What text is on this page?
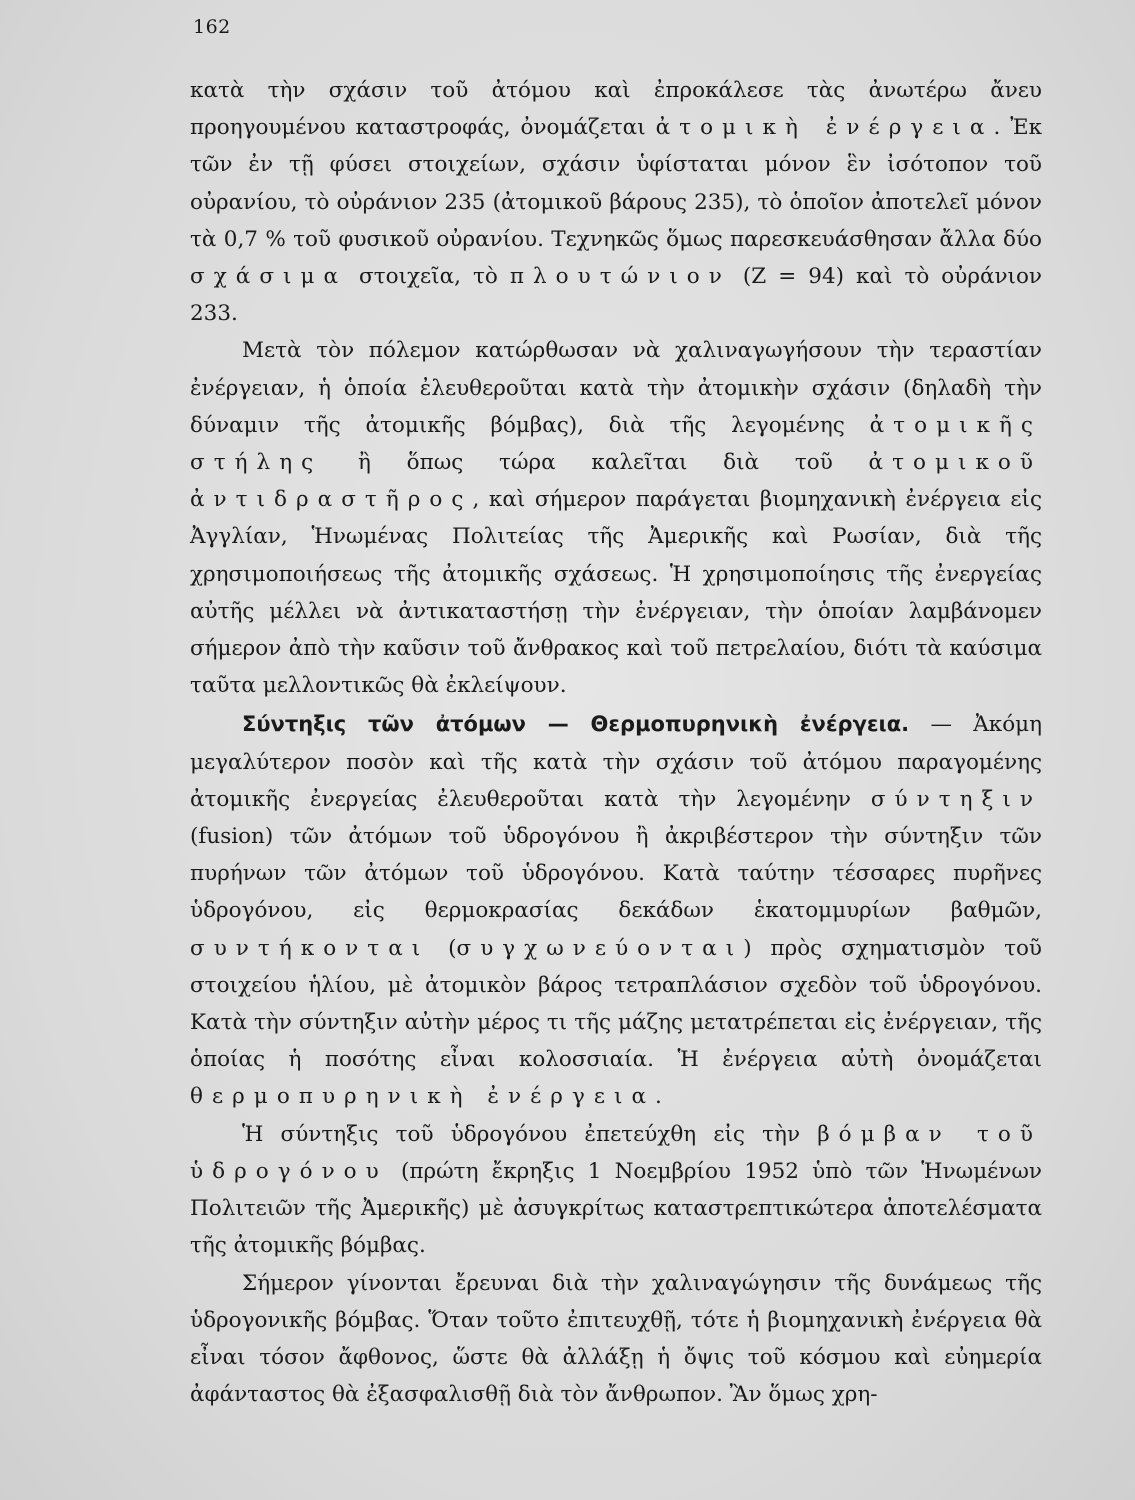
162

κατὰ τὴν σχάσιν τοῦ ἀτόμου καὶ ἐπροκάλεσε τὰς ἀνωτέρω ἄνευ προηγουμένου καταστροφάς, ὀνομάζεται ἀτομικὴ ἐνέργεια. Ἐκ τῶν ἐν τῇ φύσει στοιχείων, σχάσιν ὑφίσταται μόνον ἓν ἰσότοπον τοῦ οὐρανίου, τὸ οὐράνιον 235 (ἀτομικοῦ βάρους 235), τὸ ὁποῖον ἀποτελεῖ μόνον τὰ 0,7 % τοῦ φυσικοῦ οὐρανίου. Τεχνηκῶς ὅμως παρεσκευάσθησαν ἄλλα δύο σχάσιμα στοιχεῖα, τὸ πλουτώνιον (Ζ = 94) καὶ τὸ οὐράνιον 233.

Μετὰ τὸν πόλεμον κατώρθωσαν νὰ χαλιναγωγήσουν τὴν τεραστίαν ἐνέργειαν, ἡ ὁποία ἐλευθεροῦται κατὰ τὴν ἀτομικὴν σχάσιν (δηλαδὴ τὴν δύναμιν τῆς ἀτομικῆς βόμβας), διὰ τῆς λεγομένης ἀτομικῆς στήλης ἢ ὅπως τώρα καλεῖται διὰ τοῦ ἀτομικοῦ ἀντιδραστῆρος, καὶ σήμερον παράγεται βιομηχανικὴ ἐνέργεια εἰς Ἀγγλίαν, Ἡνωμένας Πολιτείας τῆς Ἀμερικῆς καὶ Ρωσίαν, διὰ τῆς χρησιμοποιήσεως τῆς ἀτομικῆς σχάσεως. Ἡ χρησιμοποίησις τῆς ἐνεργείας αὐτῆς μέλλει νὰ ἀντικαταστήσῃ τὴν ἐνέργειαν, τὴν ὁποίαν λαμβάνομεν σήμερον ἀπὸ τὴν καῦσιν τοῦ ἄνθρακος καὶ τοῦ πετρελαίου, διότι τὰ καύσιμα ταῦτα μελλοντικῶς θὰ ἐκλείψουν.

Σύντηξις τῶν ἀτόμων — Θερμοπυρηνικὴ ἐνέργεια. — Ἀκόμη μεγαλύτερον ποσὸν καὶ τῆς κατὰ τὴν σχάσιν τοῦ ἀτόμου παραγομένης ἀτομικῆς ἐνεργείας ἐλευθεροῦται κατὰ τὴν λεγομένην σύντηξιν (fusion) τῶν ἀτόμων τοῦ ὑδρογόνου ἢ ἀκριβέστερον τὴν σύντηξιν τῶν πυρήνων τῶν ἀτόμων τοῦ ὑδρογόνου. Κατὰ ταύτην τέσσαρες πυρῆνες ὑδρογόνου, εἰς θερμοκρασίας δεκάδων ἑκατομμυρίων βαθμῶν, συντήκονται (συγχωνεύονται) πρὸς σχηματισμὸν τοῦ στοιχείου ἡλίου, μὲ ἀτομικὸν βάρος τετραπλάσιον σχεδὸν τοῦ ὑδρογόνου. Κατὰ τὴν σύντηξιν αὐτὴν μέρος τι τῆς μάζης μετατρέπεται εἰς ἐνέργειαν, τῆς ὁποίας ἡ ποσότης εἶναι κολοσσιαία. Ἡ ἐνέργεια αὐτὴ ὀνομάζεται θερμοπυρηνικὴ ἐνέργεια.

Ἡ σύντηξις τοῦ ὑδρογόνου ἐπετεύχθη εἰς τὴν βόμβαν τοῦ ὑδρογόνου (πρώτη ἔκρηξις 1 Νοεμβρίου 1952 ὑπὸ τῶν Ἡνωμένων Πολιτειῶν τῆς Ἀμερικῆς) μὲ ἀσυγκρίτως καταστρεπτικώτερα ἀποτελέσματα τῆς ἀτομικῆς βόμβας.

Σήμερον γίνονται ἔρευναι διὰ τὴν χαλιναγώγησιν τῆς δυνάμεως τῆς ὑδρογονικῆς βόμβας. Ὅταν τοῦτο ἐπιτευχθῇ, τότε ἡ βιομηχανικὴ ἐνέργεια θὰ εἶναι τόσον ἄφθονος, ὥστε θὰ ἀλλάξῃ ἡ ὄψις τοῦ κόσμου καὶ εὐημερία ἀφάνταστος θὰ ἐξασφαλισθῇ διὰ τὸν ἄνθρωπον. Ἂν ὅμως χρη-
